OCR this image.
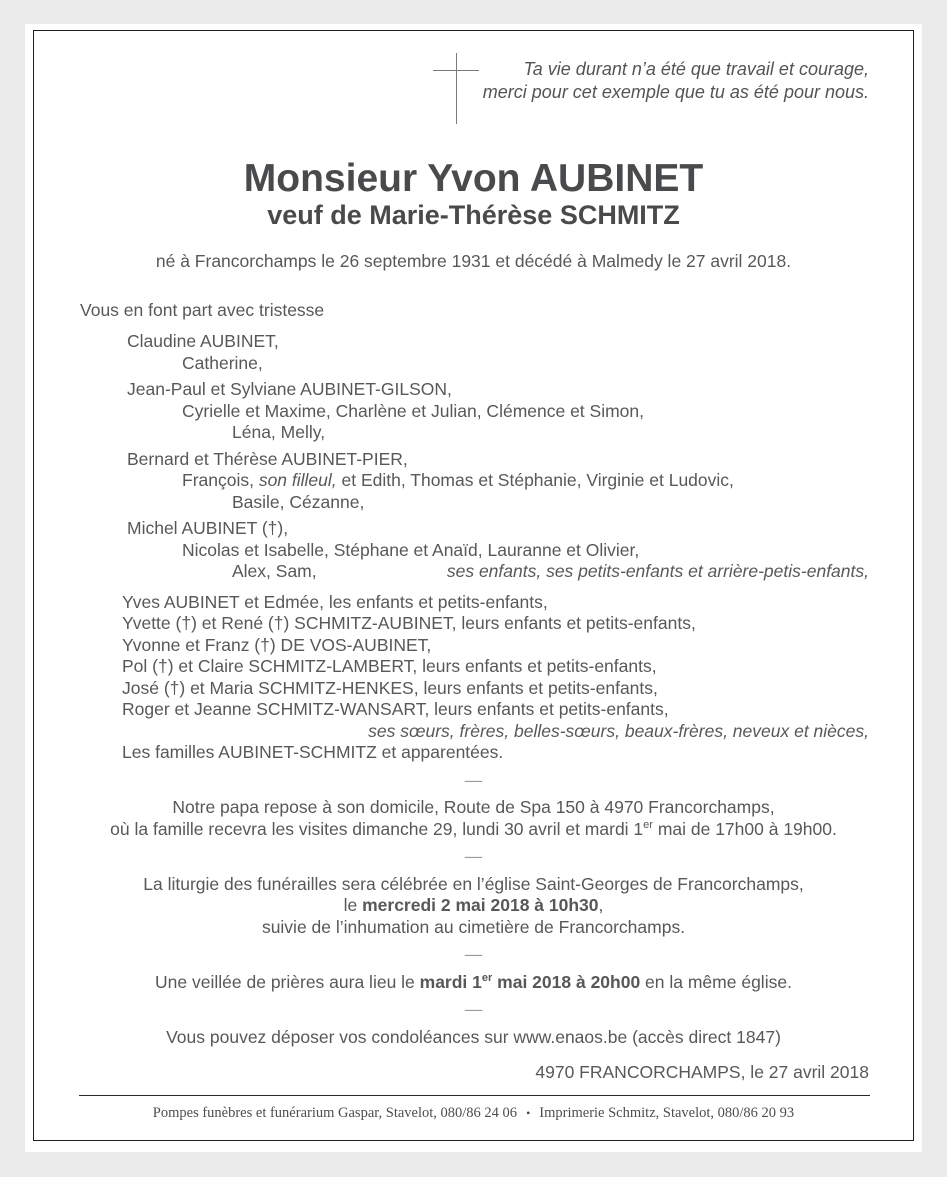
Ta vie durant n’a été que travail et courage,
merci pour cet exemple que tu as été pour nous.
Monsieur Yvon AUBINET
veuf de Marie-Thérèse SCHMITZ
né à Francorchamps le 26 septembre 1931 et décédé à Malmedy le 27 avril 2018.
Vous en font part avec tristesse
Claudine AUBINET,
Catherine,
Jean-Paul et Sylviane AUBINET-GILSON,
Cyrielle et Maxime, Charlène et Julian, Clémence et Simon,
Léna, Melly,
Bernard et Thérèse AUBINET-PIER,
François, son filleul, et Edith, Thomas et Stéphanie, Virginie et Ludovic,
Basile, Cézanne,
Michel AUBINET (†),
Nicolas et Isabelle, Stéphane et Anaïd, Lauranne et Olivier,
Alex, Sam,	ses enfants, ses petits-enfants et arrière-petis-enfants,
Yves AUBINET et Edmée, les enfants et petits-enfants,
Yvette (†) et René (†) SCHMITZ-AUBINET, leurs enfants et petits-enfants,
Yvonne et Franz (†) DE VOS-AUBINET,
Pol (†) et Claire SCHMITZ-LAMBERT, leurs enfants et petits-enfants,
José (†) et Maria SCHMITZ-HENKES, leurs enfants et petits-enfants,
Roger et Jeanne SCHMITZ-WANSART, leurs enfants et petits-enfants,
ses sœurs, frères, belles-sœurs, beaux-frères, neveux et nièces,
Les familles AUBINET-SCHMITZ et apparentées.
—
Notre papa repose à son domicile, Route de Spa 150 à 4970 Francorchamps,
où la famille recevra les visites dimanche 29, lundi 30 avril et mardi 1er mai de 17h00 à 19h00.
—
La liturgie des funérailles sera célébrée en l’église Saint-Georges de Francorchamps,
le mercredi 2 mai 2018 à 10h30,
suivie de l’inhumation au cimetière de Francorchamps.
—
Une veillée de prières aura lieu le mardi 1er mai 2018 à 20h00 en la même église.
—
Vous pouvez déposer vos condoléances sur www.enaos.be (accès direct 1847)
4970 FRANCORCHAMPS, le 27 avril 2018
Pompes funèbres et funérarium Gaspar, Stavelot, 080/86 24 06 • Imprimerie Schmitz, Stavelot, 080/86 20 93
